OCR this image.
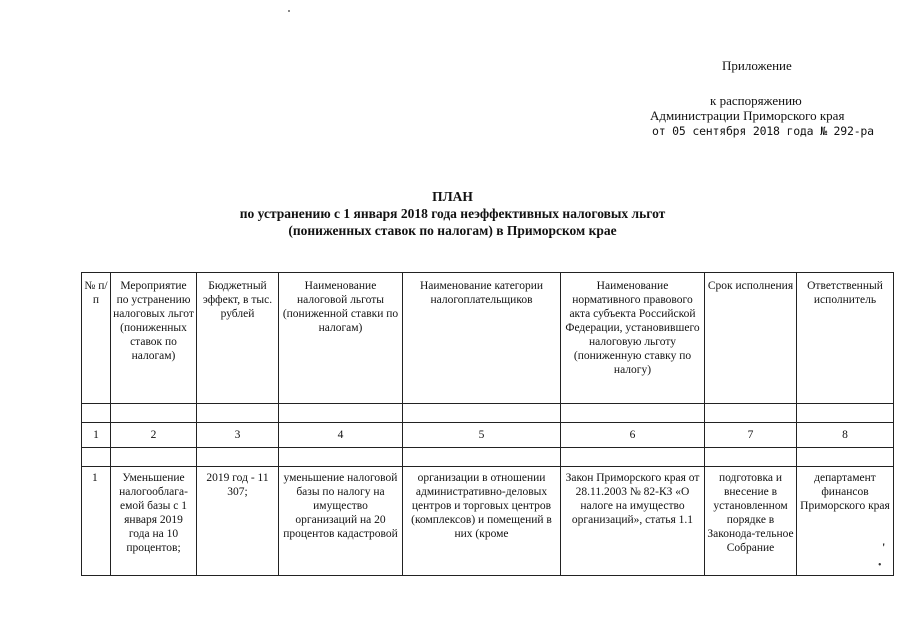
Приложение
к распоряжению
Администрации Приморского края
от 05 сентября 2018 года № 292-ра
ПЛАН
по устранению с 1 января 2018 года неэффективных налоговых льгот
(пониженных ставок по налогам) в Приморском крае
№ п/п	Мероприятие по устранению налоговых льгот (пониженных ставок по налогам)	Бюджетный эффект, в тыс. рублей	Наименование налоговой льготы (пониженной ставки по налогам)	Наименование категории налогоплательщиков	Наименование нормативного правового акта субъекта Российской Федерации, установившего налоговую льготу (пониженную ставку по налогу)	Срок исполнения	Ответственный исполнитель

1	2	3	4	5	6	7	8

1	Уменьшение налогооблага-емой базы с 1 января 2019 года на 10 процентов;	2019 год - 11 307;	уменьшение налоговой базы по налогу на имущество организаций на 20 процентов кадастровой	организации в отношении административно-деловых центров и торговых центров (комплексов) и помещений в них (кроме	Закон Приморского края от 28.11.2003 № 82-КЗ «О налоге на имущество организаций», статья 1.1	подготовка и внесение в установленном порядке в Законода-тельное Собрание	департамент финансов Приморского края
'
•
